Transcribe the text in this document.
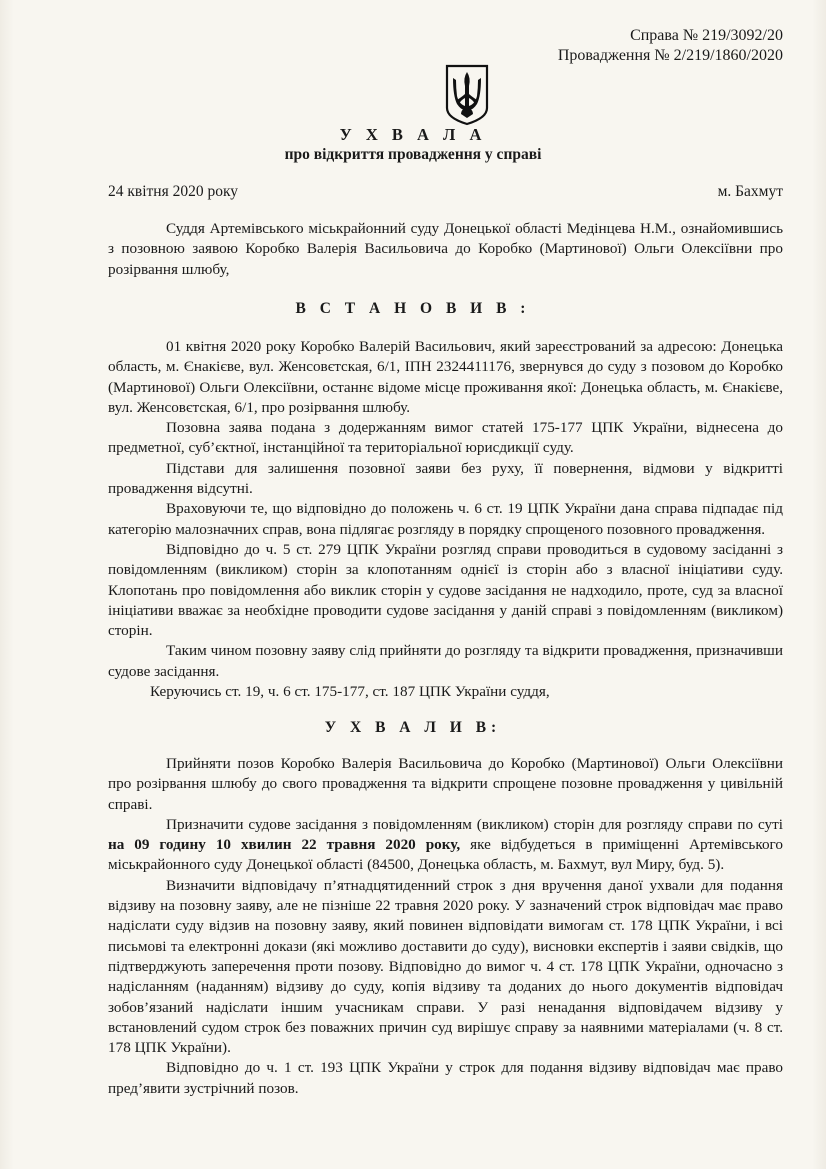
Справа № 219/3092/20
Провадження № 2/219/1860/2020
У Х В А Л А
про відкриття провадження у справі
24 квітня 2020 року	м. Бахмут

Суддя Артемівського міськрайонний суду Донецької області Медінцева Н.М., ознайомившись з позовною заявою Коробко Валерія Васильовича до Коробко (Мартинової) Ольги Олексіївни про розірвання шлюбу,

В С Т А Н О В И В :

01 квітня 2020 року Коробко Валерій Васильович, який зареєстрований за адресою: Донецька область, м. Єнакієве, вул. Женсовєтская, 6/1, ІПН 2324411176, звернувся до суду з позовом до Коробко (Мартинової) Ольги Олексіївни, останнє відоме місце проживання якої: Донецька область, м. Єнакієве, вул. Женсовєтская, 6/1, про розірвання шлюбу.

Позовна заява подана з додержанням вимог статей 175-177 ЦПК України, віднесена до предметної, суб’єктної, інстанційної та територіальної юрисдикції суду.

Підстави для залишення позовної заяви без руху, її повернення, відмови у відкритті провадження відсутні.

Враховуючи те, що відповідно до положень ч. 6 ст. 19 ЦПК України дана справа підпадає під категорію малозначних справ, вона підлягає розгляду в порядку спрощеного позовного провадження.

Відповідно до ч. 5 ст. 279 ЦПК України розгляд справи проводиться в судовому засіданні з повідомленням (викликом) сторін за клопотанням однієї із сторін або з власної ініціативи суду. Клопотань про повідомлення або виклик сторін у судове засідання не надходило, проте, суд за власної ініціативи вважає за необхідне проводити судове засідання у даній справі з повідомленням (викликом) сторін.

Таким чином позовну заяву слід прийняти до розгляду та відкрити провадження, призначивши судове засідання.

Керуючись ст. 19, ч. 6 ст. 175-177, ст. 187 ЦПК України суддя,

У Х В А Л И В:

Прийняти позов Коробко Валерія Васильовича до Коробко (Мартинової) Ольги Олексіївни про розірвання шлюбу до свого провадження та відкрити спрощене позовне провадження у цивільній справі.

Призначити судове засідання з повідомленням (викликом) сторін для розгляду справи по суті на 09 годину 10 хвилин 22 травня 2020 року, яке відбудеться в приміщенні Артемівського міськрайонного суду Донецької області (84500, Донецька область, м. Бахмут, вул Миру, буд. 5).

Визначити відповідачу п’ятнадцятиденний строк з дня вручення даної ухвали для подання відзиву на позовну заяву, але не пізніше 22 травня 2020 року. У зазначений строк відповідач має право надіслати суду відзив на позовну заяву, який повинен відповідати вимогам ст. 178 ЦПК України, і всі письмові та електронні докази (які можливо доставити до суду), висновки експертів і заяви свідків, що підтверджують заперечення проти позову. Відповідно до вимог ч. 4 ст. 178 ЦПК України, одночасно з надісланням (наданням) відзиву до суду, копія відзиву та доданих до нього документів відповідач зобов’язаний надіслати іншим учасникам справи. У разі ненадання відповідачем відзиву у встановлений судом строк без поважних причин суд вирішує справу за наявними матеріалами (ч. 8 ст. 178 ЦПК України).

Відповідно до ч. 1 ст. 193 ЦПК України у строк для подання відзиву відповідач має право пред’явити зустрічний позов.
